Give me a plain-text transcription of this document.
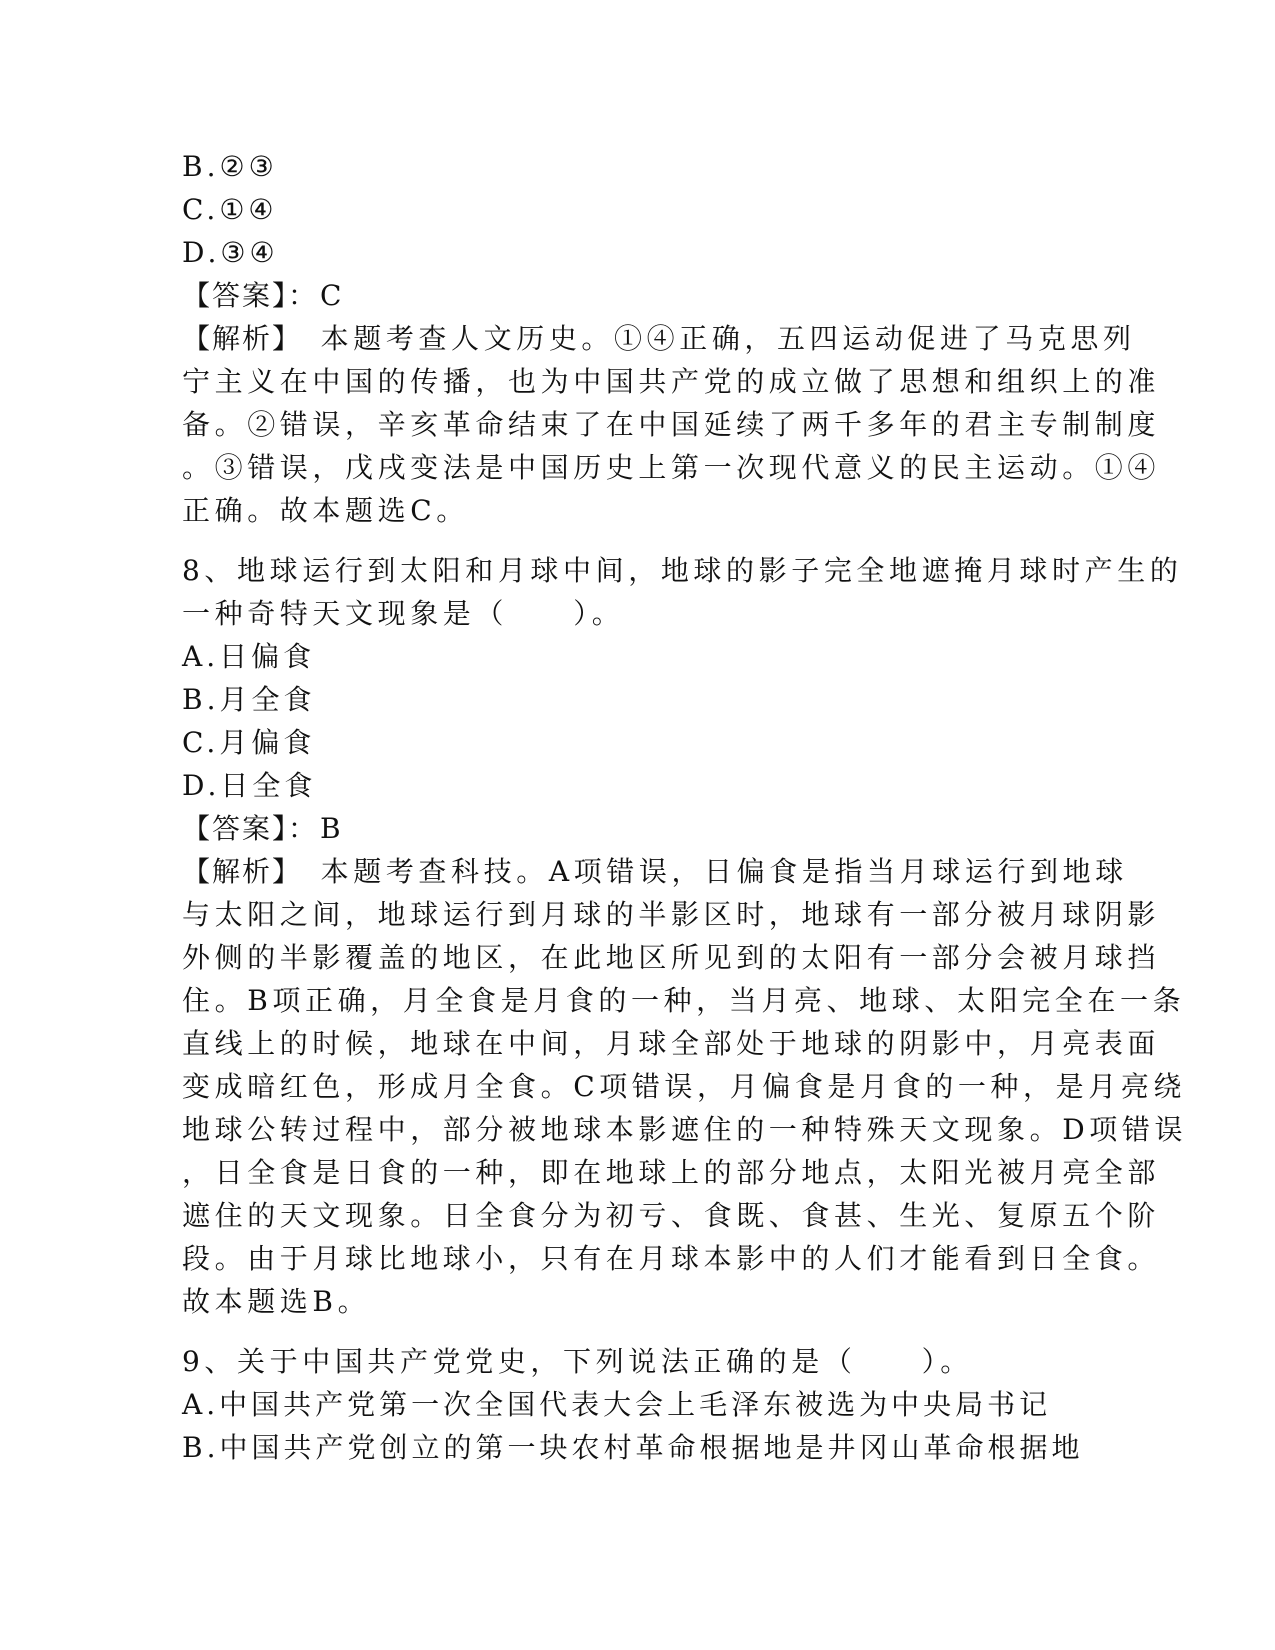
B.②③
C.①④
D.③④
【答案】：C
【解析】　本题考查人文历史。①④正确，五四运动促进了马克思列
宁主义在中国的传播，也为中国共产党的成立做了思想和组织上的准
备。②错误，辛亥革命结束了在中国延续了两千多年的君主专制制度
。③错误，戊戌变法是中国历史上第一次现代意义的民主运动。①④
正确。故本题选C。
8、地球运行到太阳和月球中间，地球的影子完全地遮掩月球时产生的
一种奇特天文现象是（　　）。
A.日偏食
B.月全食
C.月偏食
D.日全食
【答案】：B
【解析】　本题考查科技。A项错误，日偏食是指当月球运行到地球
与太阳之间，地球运行到月球的半影区时，地球有一部分被月球阴影
外侧的半影覆盖的地区，在此地区所见到的太阳有一部分会被月球挡
住。B项正确，月全食是月食的一种，当月亮、地球、太阳完全在一条
直线上的时候，地球在中间，月球全部处于地球的阴影中，月亮表面
变成暗红色，形成月全食。C项错误，月偏食是月食的一种，是月亮绕
地球公转过程中，部分被地球本影遮住的一种特殊天文现象。D项错误
，日全食是日食的一种，即在地球上的部分地点，太阳光被月亮全部
遮住的天文现象。日全食分为初亏、食既、食甚、生光、复原五个阶
段。由于月球比地球小，只有在月球本影中的人们才能看到日全食。
故本题选B。
9、关于中国共产党党史，下列说法正确的是（　　）。
A.中国共产党第一次全国代表大会上毛泽东被选为中央局书记
B.中国共产党创立的第一块农村革命根据地是井冈山革命根据地
